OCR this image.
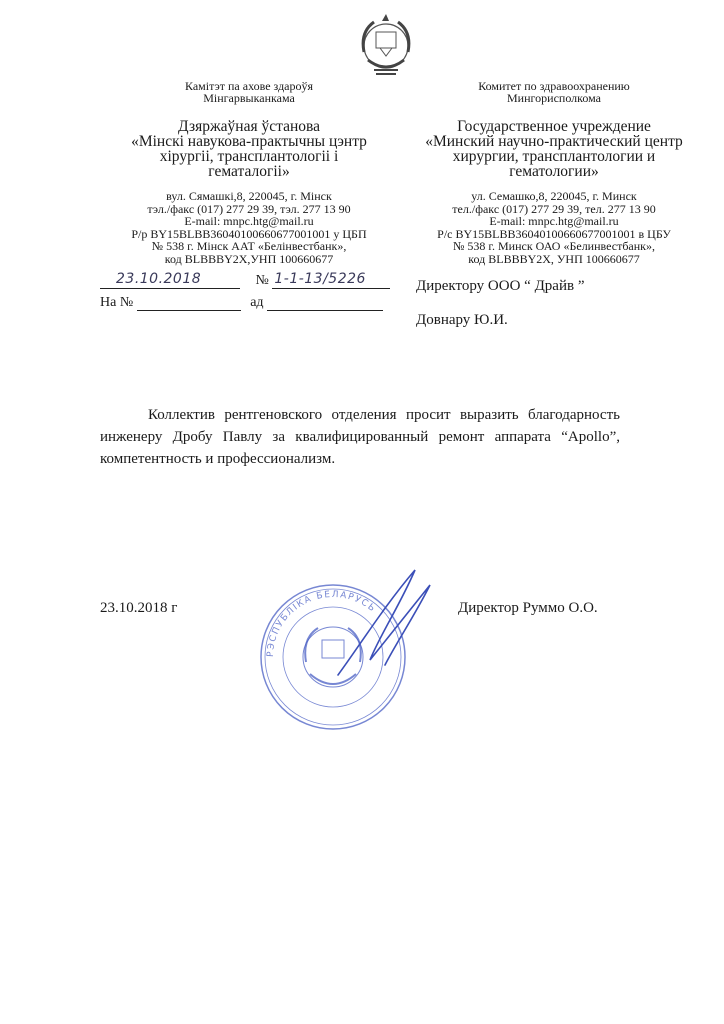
Камітэт па ахове здароўя
Мінгарвыканкама
Дзяржаўная ўстанова
«Мінскі навукова-практычны цэнтр
хірургіі, трансплантологіі і
гематалогіі»
вул. Сямашкі,8, 220045, г. Мінск
тэл./факс (017) 277 29 39, тэл. 277 13 90
E-mail: mnpc.htg@mail.ru
Р/р BY15BLBB36040100660677001001 у ЦБП
№ 538 г. Мінск ААТ «Белінвестбанк»,
код BLBBBY2X,УНП 100660677
Комитет по здравоохранению
Мингорисполкома
Государственное учреждение
«Минский научно-практический центр
хирургии, трансплантологии и
гематологии»
ул. Семашко,8, 220045, г. Минск
тел./факс (017) 277 29 39, тел. 277 13 90
E-mail: mnpc.htg@mail.ru
Р/с BY15BLBB36040100660677001001 в ЦБУ
№ 538 г. Минск ОАО «Белинвестбанк»,
код BLBBBY2X, УНП 100660677
23.10.2018	№ 1-1-13/5226
На №	ад
Директору ООО “ Драйв ”
Довнару Ю.И.
Коллектив рентгеновского отделения просит выразить благодарность инженеру Дробу Павлу за квалифицированный ремонт аппарата “Apollo”, компетентность и профессионализм.
РЭСПУБЛІКА БЕЛАРУСЬ
23.10.2018 г	Директор Руммо О.О.
